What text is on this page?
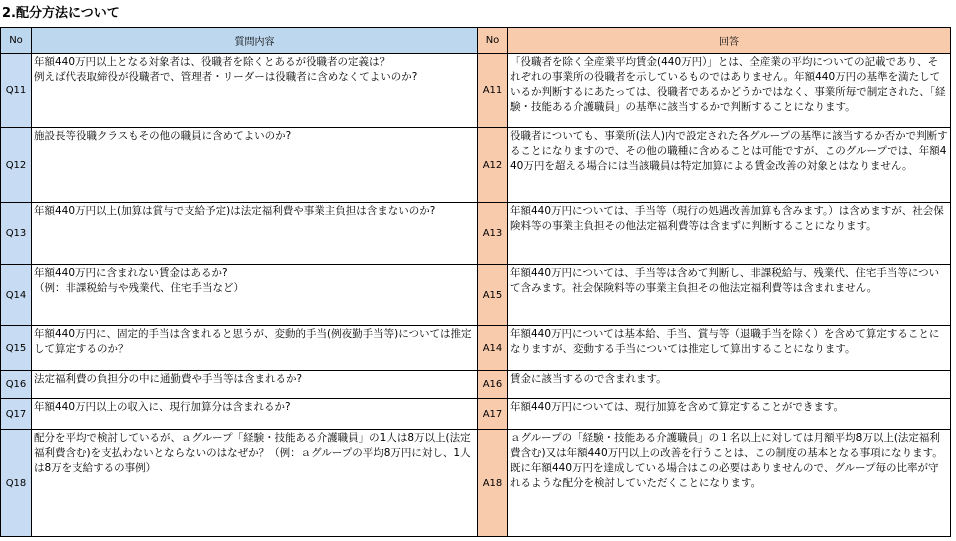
2.配分方法について
No	質問内容	No	回答
Q11	年額440万円以上となる対象者は、役職者を除くとあるが役職者の定義は？
例えば代表取締役が役職者で、管理者・リーダーは役職者に含めなくてよいのか?	A11	「役職者を除く全産業平均賃金(440万円）」とは、全産業の平均についての記載であり、それぞれの事業所の役職者を示しているものではありません。年額440万円の基準を満たしているか判断するにあたっては、役職者であるかどうかではなく、事業所毎で制定された、「経験・技能ある介護職員」の基準に該当するかで判断することになります。

Q12	施設長等役職クラスもその他の職員に含めてよいのか?	A12	役職者についても、事業所(法人)内で設定された各グループの基準に該当するか否かで判断することになりますので、その他の職種に含めることは可能ですが、このグループでは、年額440万円を超える場合には当該職員は特定加算による賃金改善の対象とはなりません。

Q13	年額440万円以上(加算は賞与で支給予定)は法定福利費や事業主負担は含まないのか?	A13	年額440万円については、手当等（現行の処遇改善加算も含みます。）は含めますが、社会保険料等の事業主負担その他法定福利費等は含まずに判断することになります。

Q14	年額440万円に含まれない賃金はあるか?
（例：非課税給与や残業代、住宅手当など）	A15	年額440万円については、手当等は含めて判断し、非課税給与、残業代、住宅手当等について含みます。社会保険料等の事業主負担その他法定福利費等は含まれません。

Q15	年額440万円に、固定的手当は含まれると思うが、変動的手当(例夜勤手当等)については推定して算定するのか？	A14	年額440万円については基本給、手当、賞与等（退職手当を除く）を含めて算定することになりますが、変動する手当については推定して算出することになります。

Q16	法定福利費の負担分の中に通勤費や手当等は含まれるか?	A16	賃金に該当するので含まれます。

Q17	年額440万円以上の収入に、現行加算分は含まれるか?	A17	年額440万円については、現行加算を含めて算定することができます。

Q18	配分を平均で検討しているが、ａグループ「経験・技能ある介護職員」の1人は8万以上(法定福利費含む)を支払わないとならないのはなぜか？（例：ａグループの平均8万円に対し、1人は8万を支給するの事例）	A18	ａグループの「経験・技能ある介護職員」の１名以上に対しては月額平均8万以上(法定福利費含む)又は年額440万円以上の改善を行うことは、この制度の基本となる事項になります。
既に年額440万円を達成している場合はこの必要はありませんので、グループ毎の比率が守れるような配分を検討していただくことになります。
